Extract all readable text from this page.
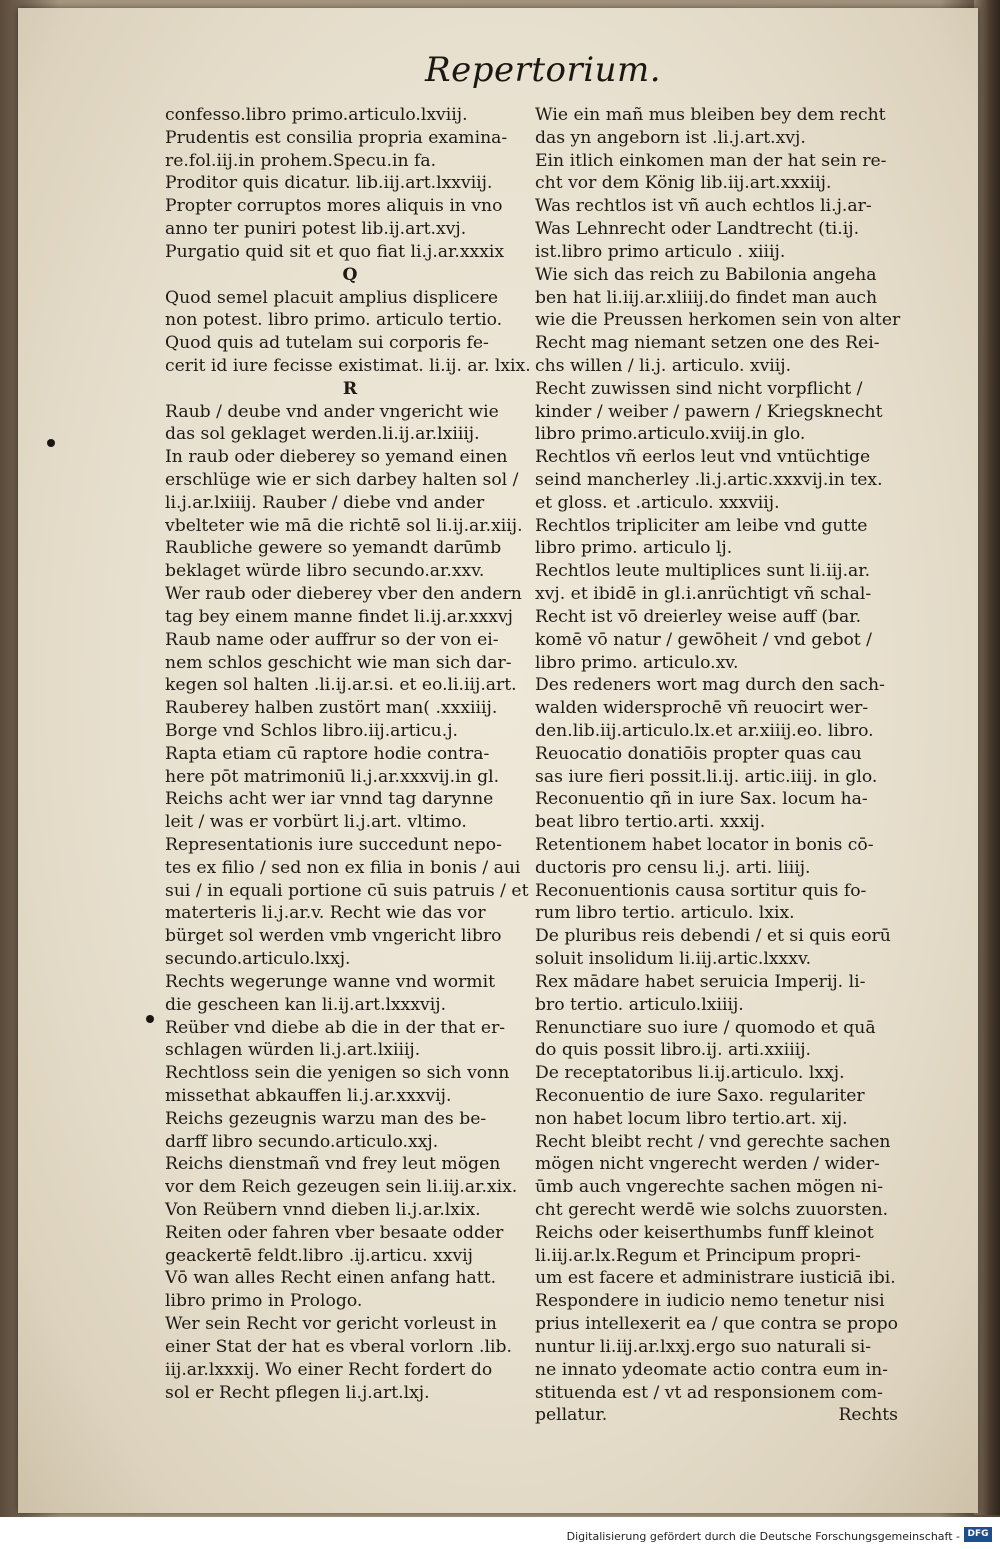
Repertorium.
confesso.libro primo.articulo.lxviij.
Prudentis est consilia propria examina-
re.fol.iij.in prohem.Specu.in fa.
Proditor quis dicatur. lib.iij.art.lxxviij.
Propter corruptos mores aliquis in vno
anno ter puniri potest lib.ij.art.xvj.
Purgatio quid sit et quo fiat li.j.ar.xxxix
Q
Quod semel placuit amplius displicere
non potest. libro primo. articulo tertio.
Quod quis ad tutelam sui corporis fe-
cerit id iure fecisse existimat. li.ij. ar. lxix.
R
Raub / deube vnd ander vngericht wie
das sol geklaget werden.li.ij.ar.lxiiij.
In raub oder dieberey so yemand einen
erschlüge wie er sich darbey halten sol /
li.j.ar.lxiiij. Rauber / diebe vnd ander
vbelteter wie mā die richtē sol li.ij.ar.xiij.
Raubliche gewere so yemandt darūmb
beklaget würde libro secundo.ar.xxv.
Wer raub oder dieberey vber den andern
tag bey einem manne findet li.ij.ar.xxxvj
Raub name oder auffrur so der von ei-
nem schlos geschicht wie man sich dar-
kegen sol halten .li.ij.ar.si. et eo.li.iij.art.
Rauberey halben zustört man( .xxxiiij.
Borge vnd Schlos libro.iij.articu.j.
Rapta etiam cū raptore hodie contra-
here pōt matrimoniū li.j.ar.xxxvij.in gl.
Reichs acht wer iar vnnd tag darynne
leit / was er vorbürt li.j.art. vltimo.
Representationis iure succedunt nepo-
tes ex filio / sed non ex filia in bonis / aui
sui / in equali portione cū suis patruis / et
materteris li.j.ar.v. Recht wie das vor
bürget sol werden vmb vngericht libro
secundo.articulo.lxxj.
Rechts wegerunge wanne vnd wormit
die gescheen kan li.ij.art.lxxxvij.
Reüber vnd diebe ab die in der that er-
schlagen würden li.j.art.lxiiij.
Rechtloss sein die yenigen so sich vonn
missethat abkauffen li.j.ar.xxxvij.
Reichs gezeugnis warzu man des be-
darff libro secundo.articulo.xxj.
Reichs dienstmañ vnd frey leut mögen
vor dem Reich gezeugen sein li.iij.ar.xix.
Von Reübern vnnd dieben li.j.ar.lxix.
Reiten oder fahren vber besaate odder
geackertē feldt.libro .ij.articu. xxvij
Vō wan alles Recht einen anfang hatt.
libro primo in Prologo.
Wer sein Recht vor gericht vorleust in
einer Stat der hat es vberal vorlorn .lib.
iij.ar.lxxxij. Wo einer Recht fordert do
sol er Recht pflegen li.j.art.lxj.
Wie ein mañ mus bleiben bey dem recht
das yn angeborn ist .li.j.art.xvj.
Ein itlich einkomen man der hat sein re-
cht vor dem König lib.iij.art.xxxiij.
Was rechtlos ist vñ auch echtlos li.j.ar-
Was Lehnrecht oder Landtrecht (ti.ij.
ist.libro primo articulo . xiiij.
Wie sich das reich zu Babilonia angeha
ben hat li.iij.ar.xliiij.do findet man auch
wie die Preussen herkomen sein von alter
Recht mag niemant setzen one des Rei-
chs willen / li.j. articulo. xviij.
Recht zuwissen sind nicht vorpflicht /
kinder / weiber / pawern / Kriegsknecht
libro primo.articulo.xviij.in glo.
Rechtlos vñ eerlos leut vnd vntüchtige
seind mancherley .li.j.artic.xxxvij.in tex.
et gloss. et .articulo. xxxviij.
Rechtlos tripliciter am leibe vnd gutte
libro primo. articulo lj.
Rechtlos leute multiplices sunt li.iij.ar.
xvj. et ibidē in gl.i.anrüchtigt vñ schal-
Recht ist vō dreierley weise auff (bar.
komē vō natur / gewōheit / vnd gebot /
libro primo. articulo.xv.
Des redeners wort mag durch den sach-
walden widersprochē vñ reuocirt wer-
den.lib.iij.articulo.lx.et ar.xiiij.eo. libro.
Reuocatio donatiōis propter quas cau
sas iure fieri possit.li.ij. artic.iiij. in glo.
Reconuentio qñ in iure Sax. locum ha-
beat libro tertio.arti. xxxij.
Retentionem habet locator in bonis cō-
ductoris pro censu li.j. arti. liiij.
Reconuentionis causa sortitur quis fo-
rum libro tertio. articulo. lxix.
De pluribus reis debendi / et si quis eorū
soluit insolidum li.iij.artic.lxxxv.
Rex mādare habet seruicia Imperij. li-
bro tertio. articulo.lxiiij.
Renunctiare suo iure / quomodo et quā
do quis possit libro.ij. arti.xxiiij.
De receptatoribus li.ij.articulo. lxxj.
Reconuentio de iure Saxo. regulariter
non habet locum libro tertio.art. xij.
Recht bleibt recht / vnd gerechte sachen
mögen nicht vngerecht werden / wider-
ūmb auch vngerechte sachen mögen ni-
cht gerecht werdē wie solchs zuuorsten.
Reichs oder keiserthumbs funff kleinot
li.iij.ar.lx.Regum et Principum propri-
um est facere et administrare iusticiā ibi.
Respondere in iudicio nemo tenetur nisi
prius intellexerit ea / que contra se propo
nuntur li.iij.ar.lxxj.ergo suo naturali si-
ne innato ydeomate actio contra eum in-
stituenda est / vt ad responsionem com-
pellatur.	Rechts
Digitalisierung gefördert durch die Deutsche Forschungsgemeinschaft - DFG
